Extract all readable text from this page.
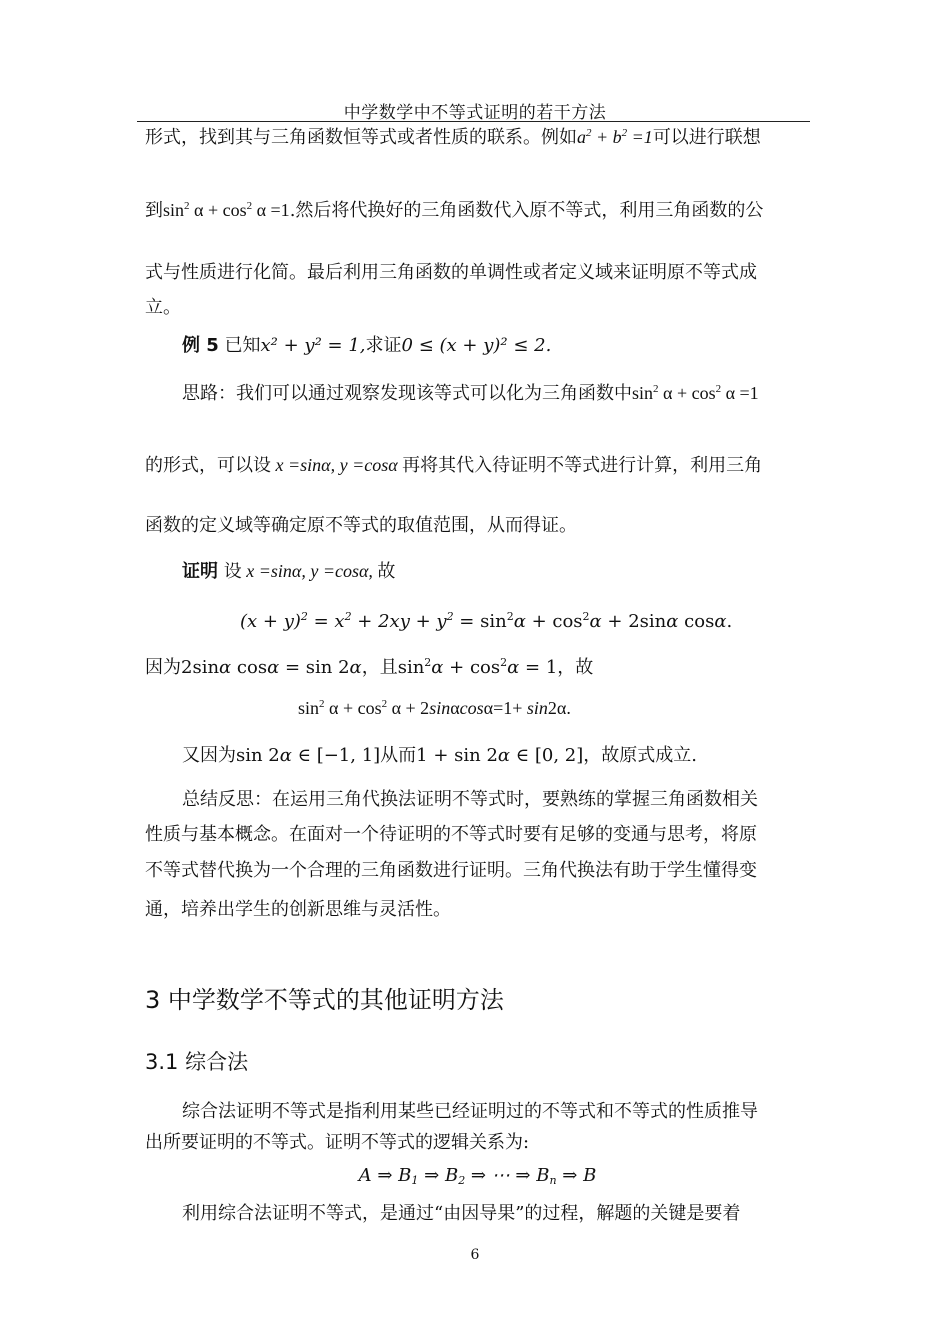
中学数学中不等式证明的若干方法
形式，找到其与三角函数恒等式或者性质的联系。例如$a^2 + b^2 =1$可以进行联想
到$\sin^2 \alpha + \cos^2 \alpha =1$.然后将代换好的三角函数代入原不等式，利用三角函数的公
式与性质进行化简。最后利用三角函数的单调性或者定义域来证明原不等式成
立。
例 5 已知x² + y² = 1,求证0 ≤ (x + y)² ≤ 2.
思路：我们可以通过观察发现该等式可以化为三角函数中$\sin^2 \alpha + \cos^2 \alpha =1$
的形式，可以设 x =sinα, y =cosα 再将其代入待证明不等式进行计算，利用三角
函数的定义域等确定原不等式的取值范围，从而得证。
证明 设 x =sinα, y =cosα, 故
$(x + y)^2 = x^2 + 2xy + y^2 = \sin^2\alpha + \cos^2\alpha + 2\sin\alpha$ cosα.
因为2sinα cosα = sin 2α，且$\sin^2\alpha + \cos^2\alpha = 1$，故
$\sin^2 \alpha + \cos^2 \alpha + 2\sin\alpha\cos\alpha=1+ \sin 2\alpha$.
又因为sin 2α ∈ [−1, 1]从而1 + sin 2α ∈ [0, 2]，故原式成立.
总结反思：在运用三角代换法证明不等式时，要熟练的掌握三角函数相关
性质与基本概念。在面对一个待证明的不等式时要有足够的变通与思考，将原
不等式替代换为一个合理的三角函数进行证明。三角代换法有助于学生懂得变
通，培养出学生的创新思维与灵活性。
3 中学数学不等式的其他证明方法
3.1 综合法
综合法证明不等式是指利用某些已经证明过的不等式和不等式的性质推导
出所要证明的不等式。证明不等式的逻辑关系为:
A ⇒ $B_1$ ⇒ $B_2$ ⇒ ⋯ ⇒ $B_n$ ⇒ B
利用综合法证明不等式，是通过“由因导果”的过程，解题的关键是要着
6
